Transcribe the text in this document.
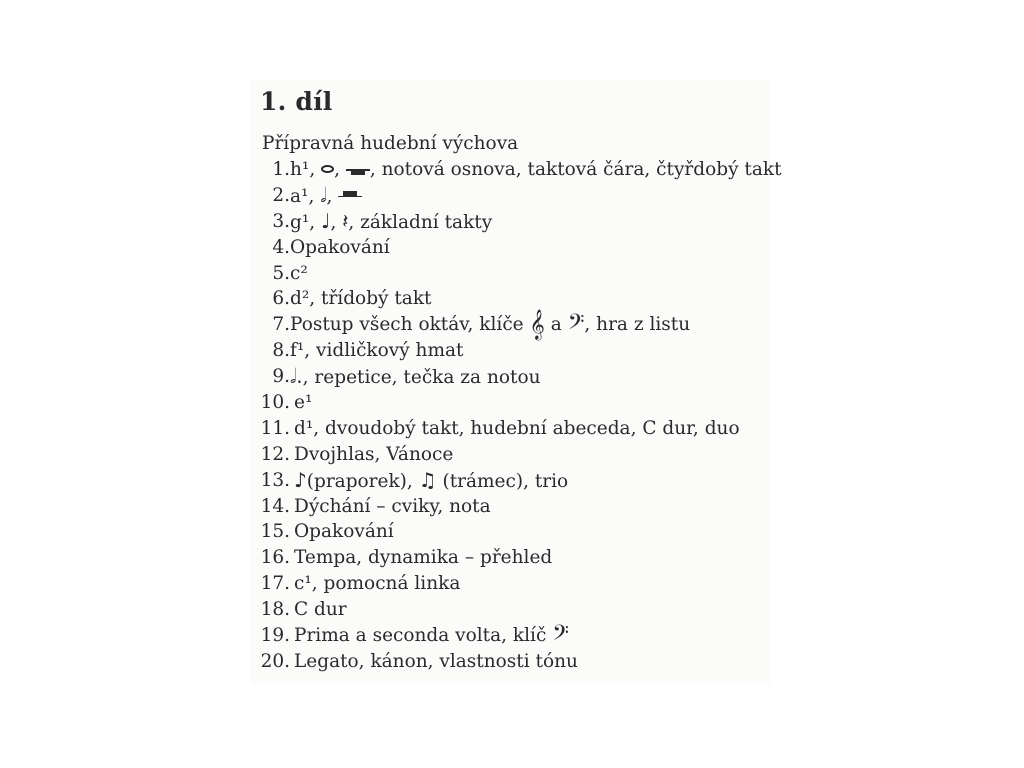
1. díl

Přípravná hudební výchova

1. h¹, ,
, notová osnova, taktová čára, čtyřdobý takt
2. a¹, 𝅗𝅥,
3. g¹, ♩, 𝄽, základní takty
4. Opakování
5. c²
6. d², třídobý takt
7. Postup všech oktáv, klíče 𝄞 a 𝄢, hra z listu
8. f¹, vidličkový hmat
9. 𝅗𝅥., repetice, tečka za notou
10. e¹
11. d¹, dvoudobý takt, hudební abeceda, C dur, duo
12. Dvojhlas, Vánoce
13. ♪(praporek), ♫ (trámec), trio
14. Dýchání – cviky, nota
15. Opakování
16. Tempa, dynamika – přehled
17. c¹, pomocná linka
18. C dur
19. Prima a seconda volta, klíč 𝄢
20. Legato, kánon, vlastnosti tónu
